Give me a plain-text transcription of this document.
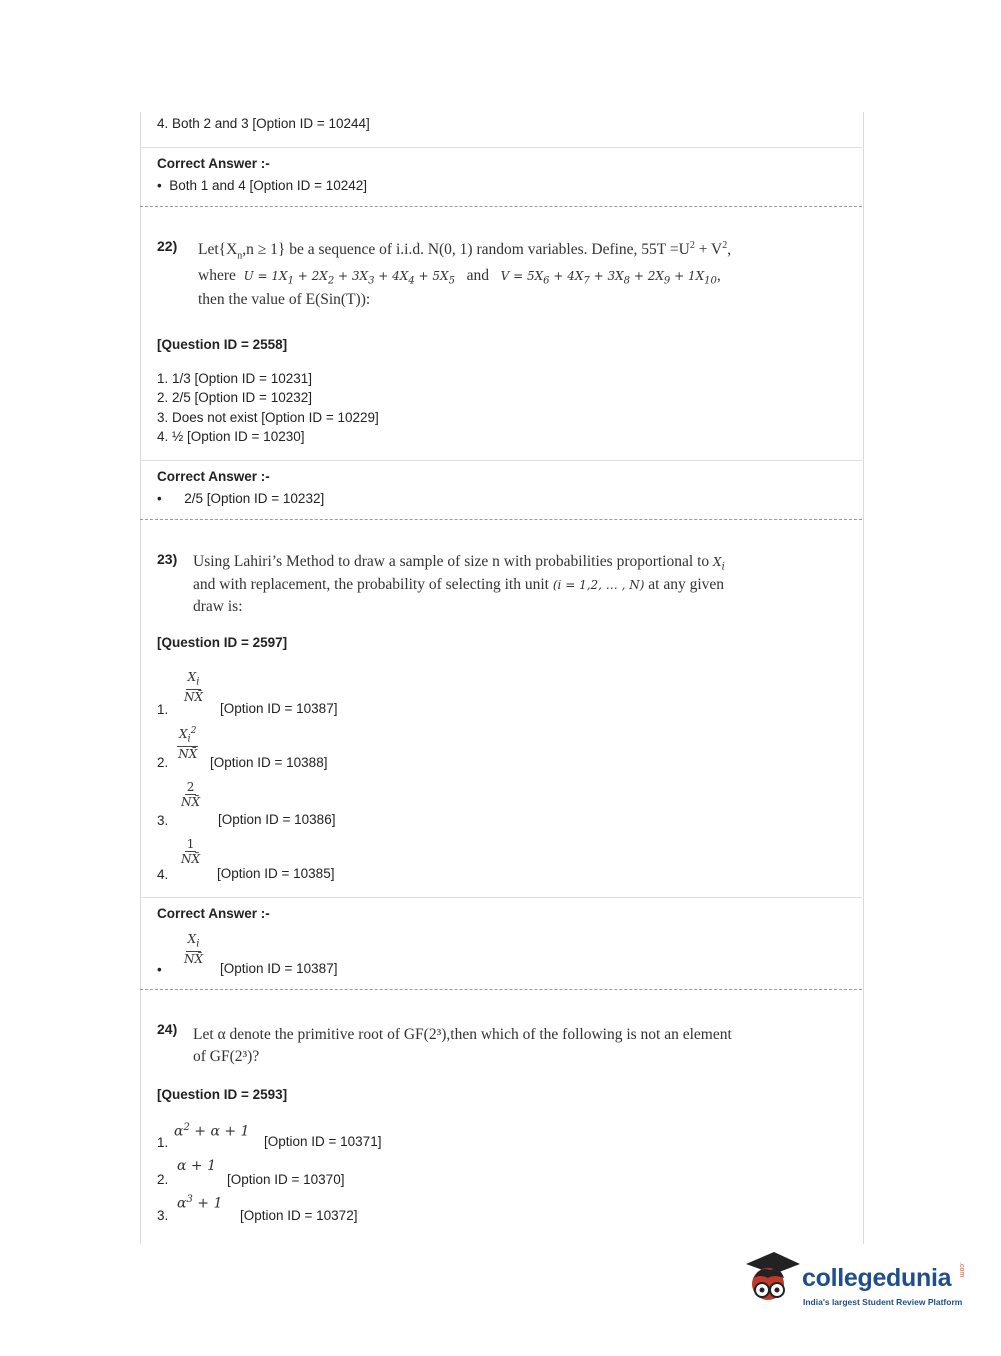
4. Both 2 and 3 [Option ID = 10244]
Correct Answer :-
•  Both 1 and 4 [Option ID = 10242]
22) $Let\{X_n,n \ge 1\}$ be a sequence of i.i.d. N(0, 1) random variables. Define, $55T =U^2 + V^2$,
where $U = 1X_1 + 2X_2 + 3X_3 + 4X_4 + 5X_5$ and $V = 5X_6 + 4X_7 + 3X_8 + 2X_9 + 1X_{10}$,
then the value of E(Sin(T)):
[Question ID = 2558]
1. 1/3 [Option ID = 10231]
2. 2/5 [Option ID = 10232]
3. Does not exist [Option ID = 10229]
4. ½ [Option ID = 10230]
Correct Answer :-
•      2/5 [Option ID = 10232]
23) Using Lahiri’s Method to draw a sample of size n with probabilities proportional to $X_i$
and with replacement, the probability of selecting ith unit (i = 1,2, … , N) at any given
draw is:
[Question ID = 2597]
$\frac{X_i}{NX̄}$
1.	[Option ID = 10387]
$\frac{X_i^2}{NX̄}$
2.	[Option ID = 10388]
$\frac{2}{NX̄}$
3.	[Option ID = 10386]
$\frac{1}{NX̄}$
4.	[Option ID = 10385]
Correct Answer :-
$\frac{X_i}{NX̄}$
•	[Option ID = 10387]
24) Let α denote the primitive root of GF(2³),then which of the following is not an element
of GF(2³)?
[Question ID = 2593]
$\alpha^2 + \alpha + 1$
1.	[Option ID = 10371]
α + 1
2.	[Option ID = 10370]
$\alpha^3 + 1$
3.	[Option ID = 10372]
collegedunia .com
India's largest Student Review Platform
